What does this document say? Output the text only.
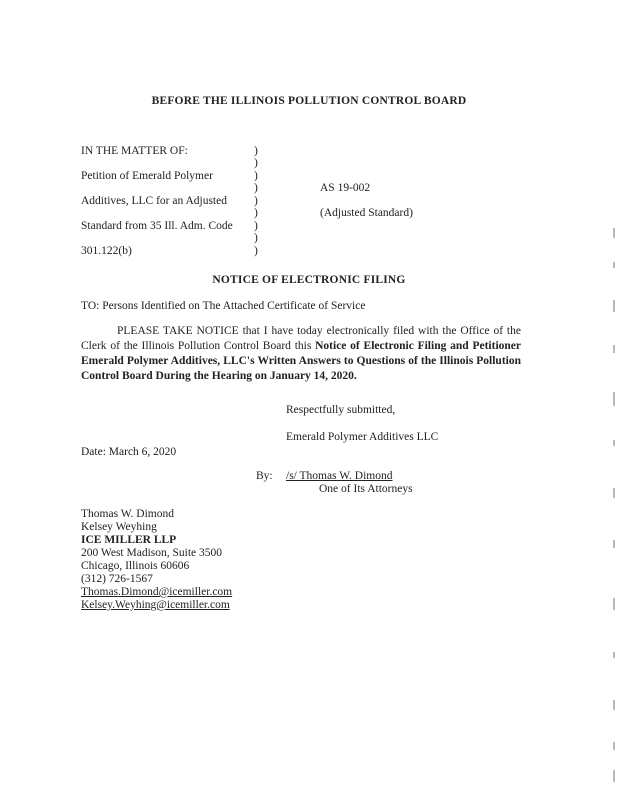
BEFORE THE ILLINOIS POLLUTION CONTROL BOARD
IN THE MATTER OF:
Petition of Emerald Polymer
Additives, LLC for an Adjusted
Standard from 35 Ill. Adm. Code
301.122(b)
)
)
)
)
)
)
)
)
)
AS 19-002
(Adjusted Standard)
NOTICE OF ELECTRONIC FILING
TO: Persons Identified on The Attached Certificate of Service
PLEASE TAKE NOTICE that I have today electronically filed with the Office of the
Clerk of the Illinois Pollution Control Board this Notice of Electronic Filing and Petitioner
Emerald Polymer Additives, LLC's Written Answers to Questions of the Illinois Pollution
Control Board During the Hearing on January 14, 2020.
Respectfully submitted,
Emerald Polymer Additives LLC
Date: March 6, 2020
By: /s/ Thomas W. Dimond
One of Its Attorneys
Thomas W. Dimond
Kelsey Weyhing
ICE MILLER LLP
200 West Madison, Suite 3500
Chicago, Illinois 60606
(312) 726-1567
Thomas.Dimond@icemiller.com
Kelsey.Weyhing@icemiller.com
